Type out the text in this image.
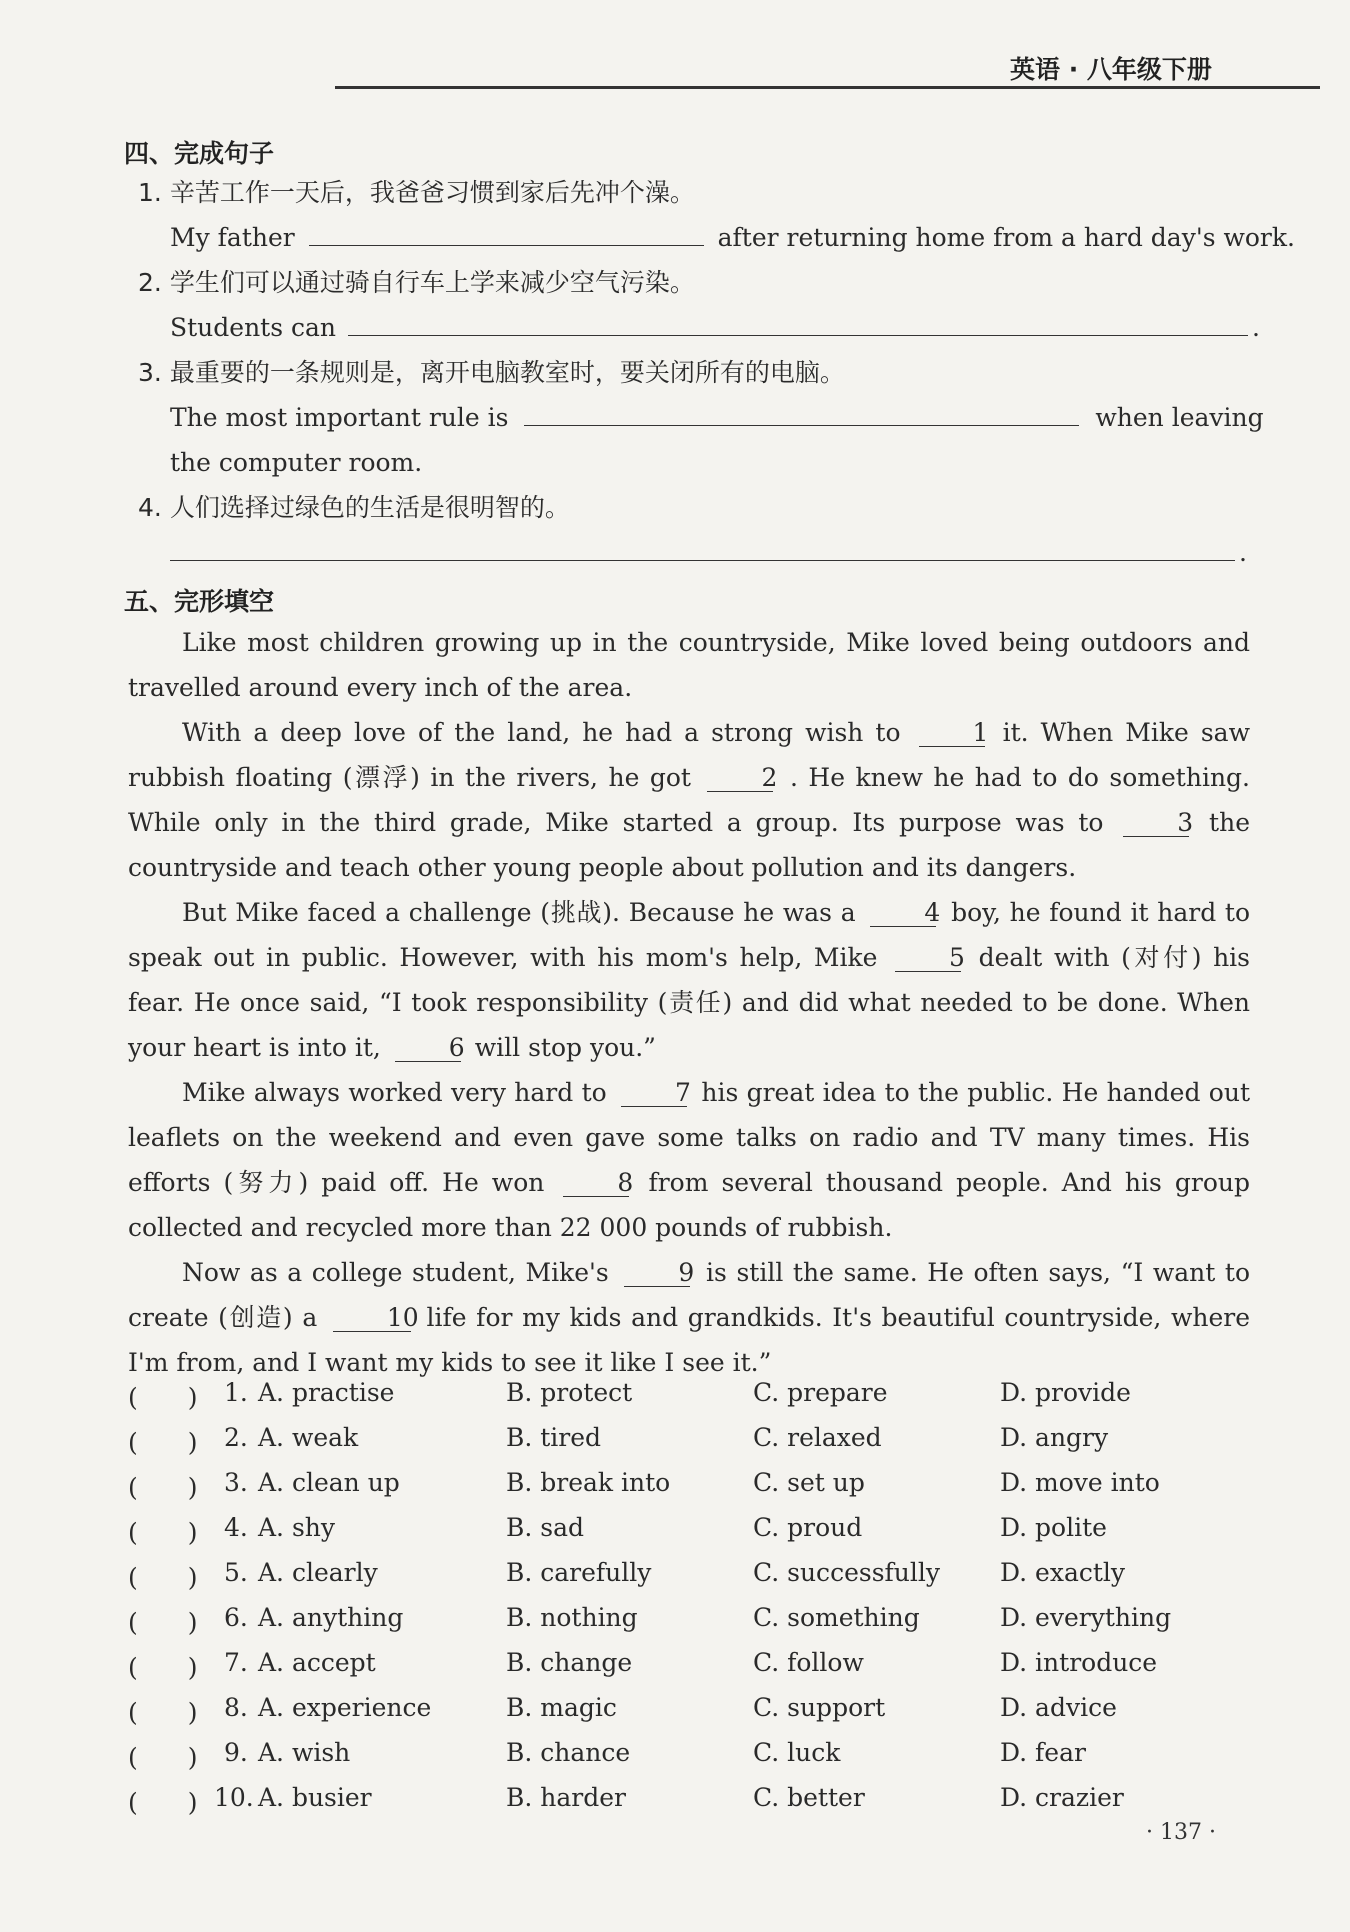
英语 · 八年级下册
四、完成句子
1. 辛苦工作一天后，我爸爸习惯到家后先冲个澡。
My father	after returning home from a hard day's work.
2. 学生们可以通过骑自行车上学来减少空气污染。
Students can	.
3. 最重要的一条规则是，离开电脑教室时，要关闭所有的电脑。
The most important rule is	when leaving
the computer room.
4. 人们选择过绿色的生活是很明智的。
.
五、完形填空

Like most children growing up in the countryside, Mike loved being outdoors and travelled around every inch of the area.

With a deep love of the land, he had a strong wish to	1 it. When Mike saw rubbish floating (漂浮) in the rivers, he got	2 . He knew he had to do something. While only in the third grade, Mike started a group. Its purpose was to	3 the countryside and teach other young people about pollution and its dangers.

But Mike faced a challenge (挑战). Because he was a	4 boy, he found it hard to speak out in public. However, with his mom's help, Mike	5 dealt with (对付) his fear. He once said, “I took responsibility (责任) and did what needed to be done. When your heart is into it,	6 will stop you.”

Mike always worked very hard to	7 his great idea to the public. He handed out leaflets on the weekend and even gave some talks on radio and TV many times. His efforts (努力) paid off. He won	8 from several thousand people. And his group collected and recycled more than 22 000 pounds of rubbish.

Now as a college student, Mike's	9 is still the same. He often says, “I want to create (创造) a	10 life for my kids and grandkids. It's beautiful countryside, where I'm from, and I want my kids to see it like I see it.”

(　　) 1. A. practise	B. protect	C. prepare	D. provide
(　　) 2. A. weak	B. tired	C. relaxed	D. angry
(　　) 3. A. clean up	B. break into	C. set up	D. move into
(　　) 4. A. shy	B. sad	C. proud	D. polite
(　　) 5. A. clearly	B. carefully	C. successfully D. exactly
(　　) 6. A. anything	B. nothing	C. something	D. everything
(　　) 7. A. accept	B. change	C. follow	D. introduce
(　　) 8. A. experience	B. magic	C. support	D. advice
(　　) 9. A. wish	B. chance	C. luck	D. fear
(　　) 10. A. busier	B. harder	C. better	D. crazier
· 137 ·
